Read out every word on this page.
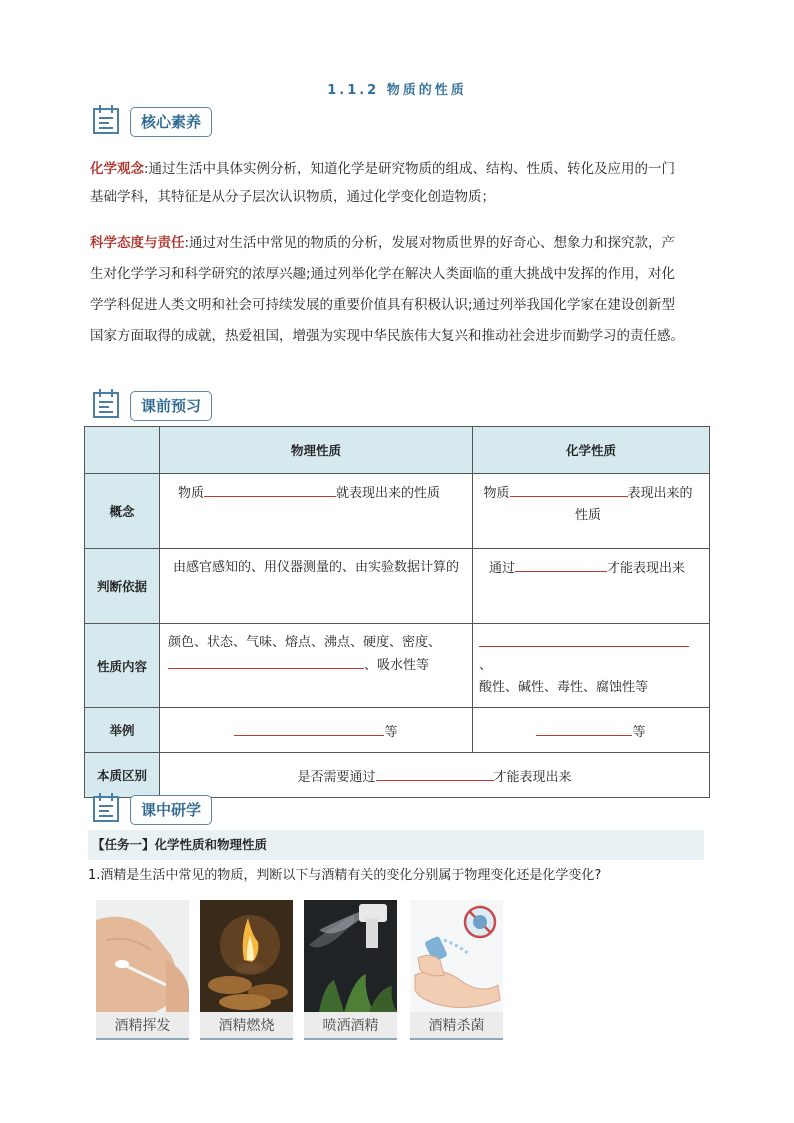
1.1.2 物质的性质
核心素养
化学观念:通过生活中具体实例分析，知道化学是研究物质的组成、结构、性质、转化及应用的一门
基础学科，其特征是从分子层次认识物质，通过化学变化创造物质；
科学态度与责任:通过对生活中常见的物质的分析，发展对物质世界的好奇心、想象力和探究款，产
生对化学学习和科学研究的浓厚兴趣;通过列举化学在解决人类面临的重大挑战中发挥的作用，对化
学学科促进人类文明和社会可持续发展的重要价值具有积极认识;通过列举我国化学家在建设创新型
国家方面取得的成就，热爱祖国，增强为实现中华民族伟大复兴和推动社会进步而勤学习的责任感。
课前预习
	物理性质	化学性质
概念	物质 就表现出来的性质	物质 表现出来的
性质

判断依据	由感官感知的、用仪器测量的、由实验数据计算的	通过 才能表现出来

性质内容	颜色、状态、气味、熔点、沸点、硬度、密度、、吸水性等	、
酸性、碱性、毒性、腐蚀性等

举例	等	等
本质区别	是否需要通过 才能表现出来	
课中研学
【任务一】化学性质和物理性质
1.酒精是生活中常见的物质，判断以下与酒精有关的变化分别属于物理变化还是化学变化?
酒精挥发	酒精燃烧	喷洒酒精	酒精杀菌
